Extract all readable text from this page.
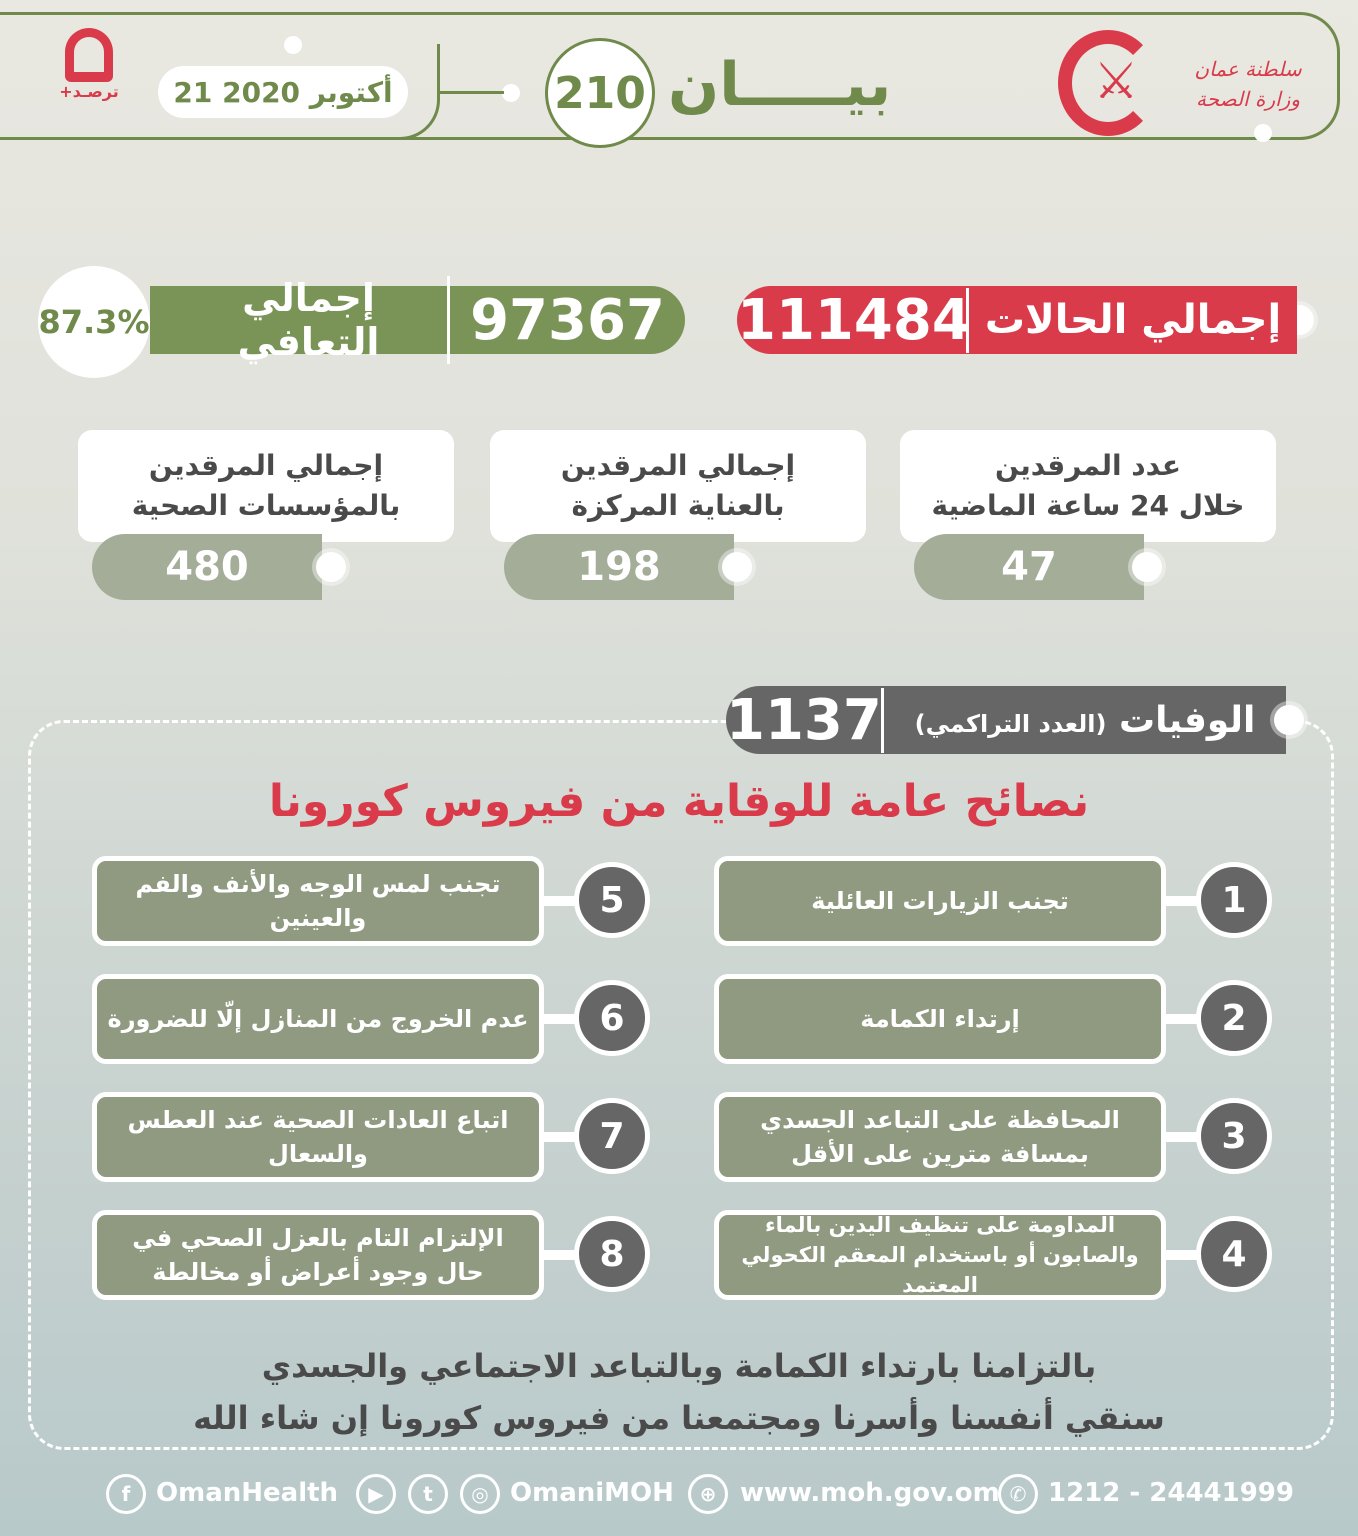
ترصـد+	21 أكتوبر 2020	210 بيـــــان	⚔	سلطنة عمان
وزارة الصحة
111484 إجمالي الحالات
إجمالي التعافي	97367
87.3%
عدد المرقدين
خلال 24 ساعة الماضية
47
إجمالي المرقدين
بالعناية المركزة
198
إجمالي المرقدين
بالمؤسسات الصحية
480
1137	الوفيات (العدد التراكمي)
نصائح عامة للوقاية من فيروس كورونا
تجنب الزيارات العائلية	1
إرتداء الكمامة	2
المحافظة على التباعد الجسدي بمسافة مترين على الأقل	3
المداومة على تنظيف اليدين بالماء والصابون أو باستخدام المعقم الكحولي المعتمد
4
تجنب لمس الوجه والأنف والفم والعينين	5
عدم الخروج من المنازل إلّا للضرورة	6
اتباع العادات الصحية عند العطس والسعال	7
الإلتزام التام بالعزل الصحي في حال وجود أعراض أو مخالطة	8
بالتزامنا بارتداء الكمامة وبالتباعد الاجتماعي والجسدي
سنقي أنفسنا وأسرنا ومجتمعنا من فيروس كورونا إن شاء الله
f OmanHealth	▶	t	◎ OmaniMOH	⊕ www.moh.gov.om ✆ 1212 - 24441999
